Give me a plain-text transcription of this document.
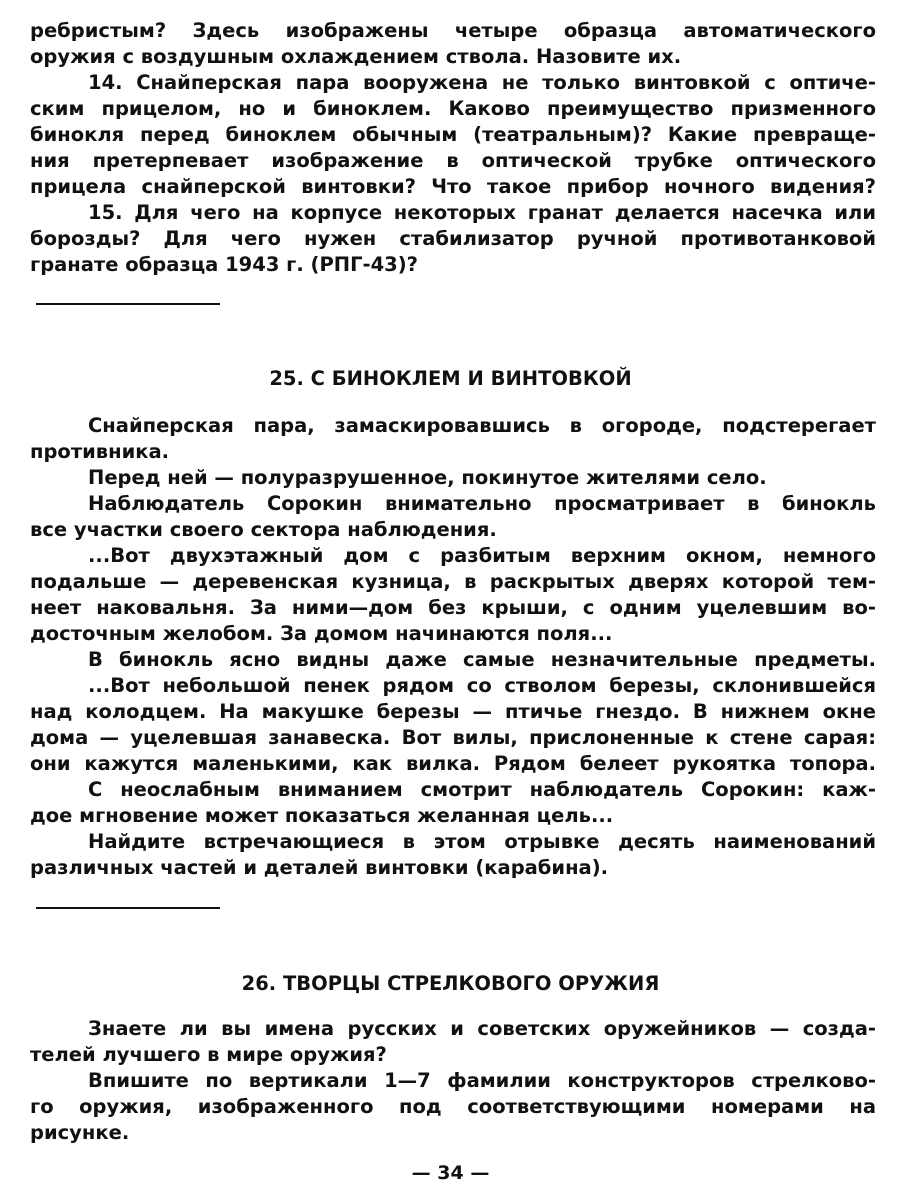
ребристым? Здесь изображены четыре образца автоматического
оружия с воздушным охлаждением ствола. Назовите их.
14. Снайперская пара вооружена не только винтовкой с оптиче-
ским прицелом, но и биноклем. Каково преимущество призменного
бинокля перед биноклем обычным (театральным)? Какие превраще-
ния претерпевает изображение в оптической трубке оптического
прицела снайперской винтовки? Что такое прибор ночного видения?
15. Для чего на корпусе некоторых гранат делается насечка или
борозды? Для чего нужен стабилизатор ручной противотанковой
гранате образца 1943 г. (РПГ-43)?
25. С БИНОКЛЕМ И ВИНТОВКОЙ
Снайперская пара, замаскировавшись в огороде, подстерегает
противника.
Перед ней — полуразрушенное, покинутое жителями село.
Наблюдатель Сорокин внимательно просматривает в бинокль
все участки своего сектора наблюдения.
...Вот двухэтажный дом с разбитым верхним окном, немного
подальше — деревенская кузница, в раскрытых дверях которой тем-
неет наковальня. За ними—дом без крыши, с одним уцелевшим во-
досточным желобом. За домом начинаются поля...
В бинокль ясно видны даже самые незначительные предметы.
...Вот небольшой пенек рядом со стволом березы, склонившейся
над колодцем. На макушке березы — птичье гнездо. В нижнем окне
дома — уцелевшая занавеска. Вот вилы, прислоненные к стене сарая:
они кажутся маленькими, как вилка. Рядом белеет рукоятка топора.
С неослабным вниманием смотрит наблюдатель Сорокин: каж-
дое мгновение может показаться желанная цель...
Найдите встречающиеся в этом отрывке десять наименований
различных частей и деталей винтовки (карабина).
26. ТВОРЦЫ СТРЕЛКОВОГО ОРУЖИЯ
Знаете ли вы имена русских и советских оружейников — созда-
телей лучшего в мире оружия?
Впишите по вертикали 1—7 фамилии конструкторов стрелково-
го оружия, изображенного под соответствующими номерами на
рисунке.
— 34 —
